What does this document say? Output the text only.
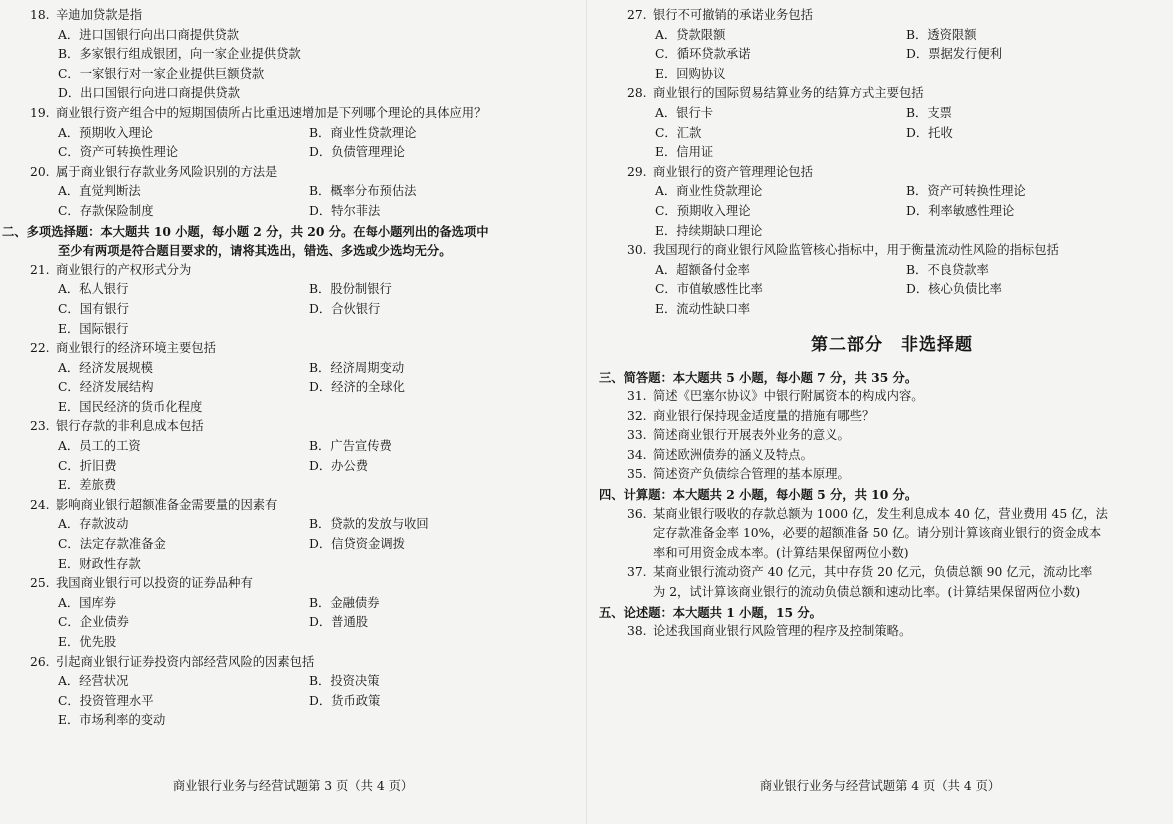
18. 辛迪加贷款是指
A．进口国银行向出口商提供贷款
B．多家银行组成银团，向一家企业提供贷款
C．一家银行对一家企业提供巨额贷款
D．出口国银行向进口商提供贷款
19. 商业银行资产组合中的短期国债所占比重迅速增加是下列哪个理论的具体应用？
A．预期收入理论	B．商业性贷款理论
C．资产可转换性理论	D．负债管理理论
20. 属于商业银行存款业务风险识别的方法是
A．直觉判断法	B．概率分布预估法
C．存款保险制度	D．特尔菲法
二、多项选择题：本大题共 10 小题，每小题 2 分，共 20 分。在每小题列出的备选项中
至少有两项是符合题目要求的，请将其选出，错选、多选或少选均无分。
21. 商业银行的产权形式分为
A．私人银行	B．股份制银行
C．国有银行	D．合伙银行
E．国际银行
22. 商业银行的经济环境主要包括
A．经济发展规模	B．经济周期变动
C．经济发展结构	D．经济的全球化
E．国民经济的货币化程度
23. 银行存款的非利息成本包括
A．员工的工资	B．广告宣传费
C．折旧费	D．办公费
E．差旅费
24. 影响商业银行超额准备金需要量的因素有
A．存款波动	B．贷款的发放与收回
C．法定存款准备金	D．信贷资金调拨
E．财政性存款
25. 我国商业银行可以投资的证券品种有
A．国库券	B．金融债券
C．企业债券	D．普通股
E．优先股
26. 引起商业银行证券投资内部经营风险的因素包括
A．经营状况	B．投资决策
C．投资管理水平	D．货币政策
E．市场利率的变动
商业银行业务与经营试题第 3 页（共 4 页）
27. 银行不可撤销的承诺业务包括
A．贷款限额	B．透资限额
C．循环贷款承诺	D．票据发行便利
E．回购协议
28. 商业银行的国际贸易结算业务的结算方式主要包括
A．银行卡	B．支票
C．汇款	D．托收
E．信用证
29. 商业银行的资产管理理论包括
A．商业性贷款理论	B．资产可转换性理论
C．预期收入理论	D．利率敏感性理论
E．持续期缺口理论
30. 我国现行的商业银行风险监管核心指标中，用于衡量流动性风险的指标包括
A．超额备付金率	B．不良贷款率
C．市值敏感性比率	D．核心负债比率
E．流动性缺口率
第二部分　非选择题
三、简答题：本大题共 5 小题，每小题 7 分，共 35 分。
31. 简述《巴塞尔协议》中银行附属资本的构成内容。
32. 商业银行保持现金适度量的措施有哪些？
33. 简述商业银行开展表外业务的意义。
34. 简述欧洲债券的涵义及特点。
35. 简述资产负债综合管理的基本原理。
四、计算题：本大题共 2 小题，每小题 5 分，共 10 分。
36. 某商业银行吸收的存款总额为 1000 亿，发生利息成本 40 亿，营业费用 45 亿，法
定存款准备金率 10%，必要的超额准备 50 亿。请分别计算该商业银行的资金成本
率和可用资金成本率。(计算结果保留两位小数)
37. 某商业银行流动资产 40 亿元，其中存货 20 亿元，负债总额 90 亿元，流动比率
为 2，试计算该商业银行的流动负债总额和速动比率。(计算结果保留两位小数)
五、论述题：本大题共 1 小题，15 分。
38. 论述我国商业银行风险管理的程序及控制策略。
商业银行业务与经营试题第 4 页（共 4 页）
